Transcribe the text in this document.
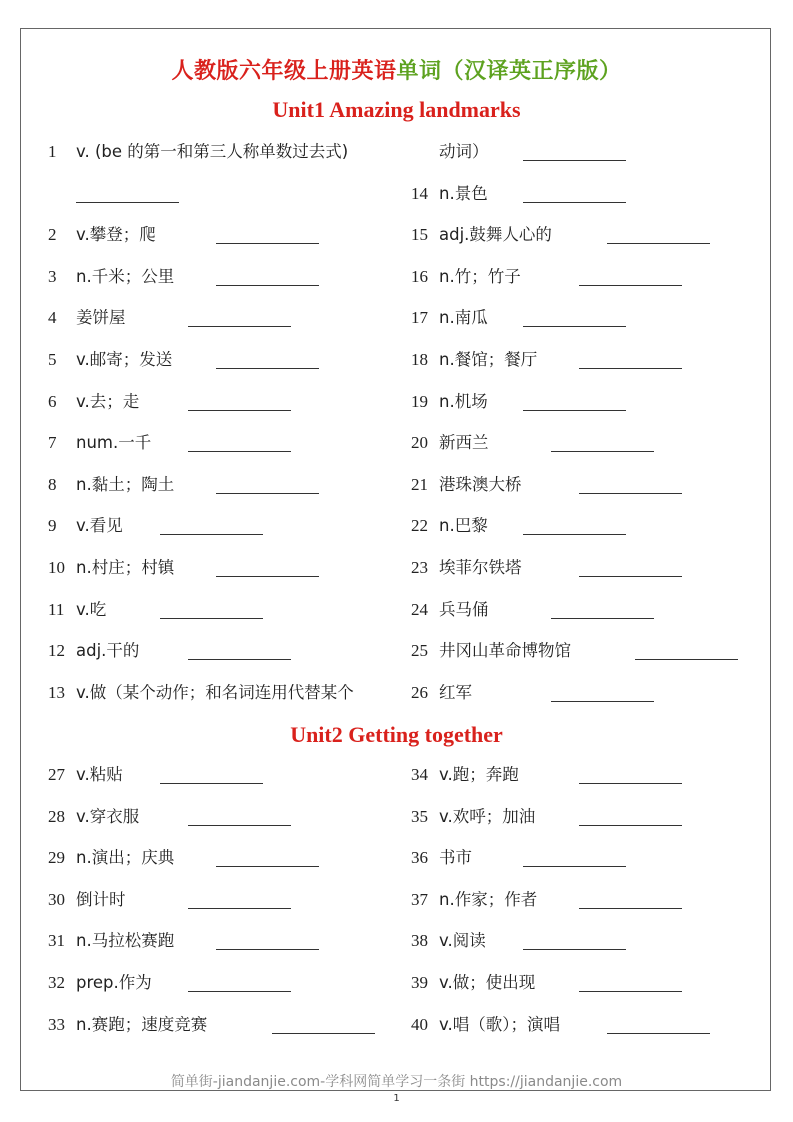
人教版六年级上册英语单词（汉译英正序版）
Unit1 Amazing landmarks
1 v. (be 的第一和第三人称单数过去式)
2 v.攀登；爬
3 n.千米；公里
4 姜饼屋
5 v.邮寄；发送
6 v.去；走
7 num.一千
8 n.黏土；陶土
9 v.看见
10 n.村庄；村镇
11 v.吃
12 adj.干的
13 v.做（某个动作；和名词连用代替某个
动词）
14 n.景色
15 adj.鼓舞人心的
16 n.竹；竹子
17 n.南瓜
18 n.餐馆；餐厅
19 n.机场
20 新西兰
21 港珠澳大桥
22 n.巴黎
23 埃菲尔铁塔
24 兵马俑
25 井冈山革命博物馆
26 红军
Unit2 Getting together
27 v.粘贴
28 v.穿衣服
29 n.演出；庆典
30 倒计时
31 n.马拉松赛跑
32 prep.作为
33 n.赛跑；速度竞赛
34 v.跑；奔跑
35 v.欢呼；加油
36 书市
37 n.作家；作者
38 v.阅读
39 v.做；使出现
40 v.唱（歌）；演唱
简单街-jiandanjie.com-学科网简单学习一条街 https://jiandanjie.com
1
